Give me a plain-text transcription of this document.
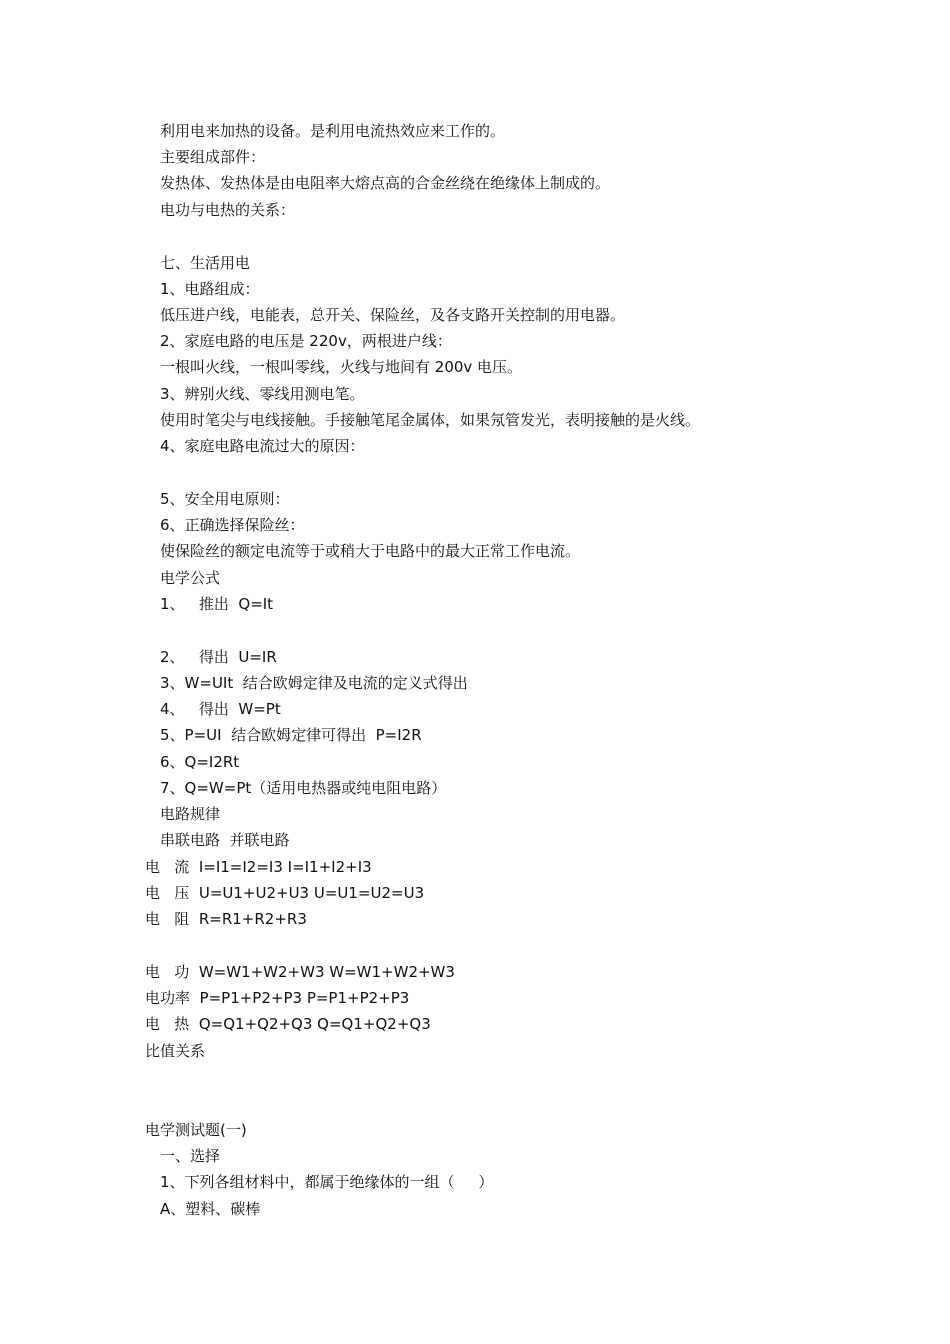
利用电来加热的设备。是利用电流热效应来工作的。
主要组成部件：
发热体、发热体是由电阻率大熔点高的合金丝绕在绝缘体上制成的。
电功与电热的关系：
七、生活用电
1、电路组成：
低压进户线，电能表，总开关、保险丝，及各支路开关控制的用电器。
2、家庭电路的电压是 220v，两根进户线：
一根叫火线，一根叫零线，火线与地间有 200v 电压。
3、辨别火线、零线用测电笔。
使用时笔尖与电线接触。手接触笔尾金属体，如果氖管发光，表明接触的是火线。
4、家庭电路电流过大的原因：
5、安全用电原则：
6、正确选择保险丝：
使保险丝的额定电流等于或稍大于电路中的最大正常工作电流。
电学公式
1、   推出  Q=It
2、   得出  U=IR
3、W=UIt  结合欧姆定律及电流的定义式得出
4、   得出  W=Pt
5、P=UI  结合欧姆定律可得出  P=I2R
6、Q=I2Rt
7、Q=W=Pt（适用电热器或纯电阻电路）
电路规律
串联电路  并联电路
电   流  I=I1=I2=I3 I=I1+I2+I3
电   压  U=U1+U2+U3 U=U1=U2=U3
电   阻  R=R1+R2+R3
电   功  W=W1+W2+W3 W=W1+W2+W3
电功率  P=P1+P2+P3 P=P1+P2+P3
电   热  Q=Q1+Q2+Q3 Q=Q1+Q2+Q3
比值关系
电学测试题(一)
一、选择
1、下列各组材料中，都属于绝缘体的一组（     ）
A、塑料、碳棒
